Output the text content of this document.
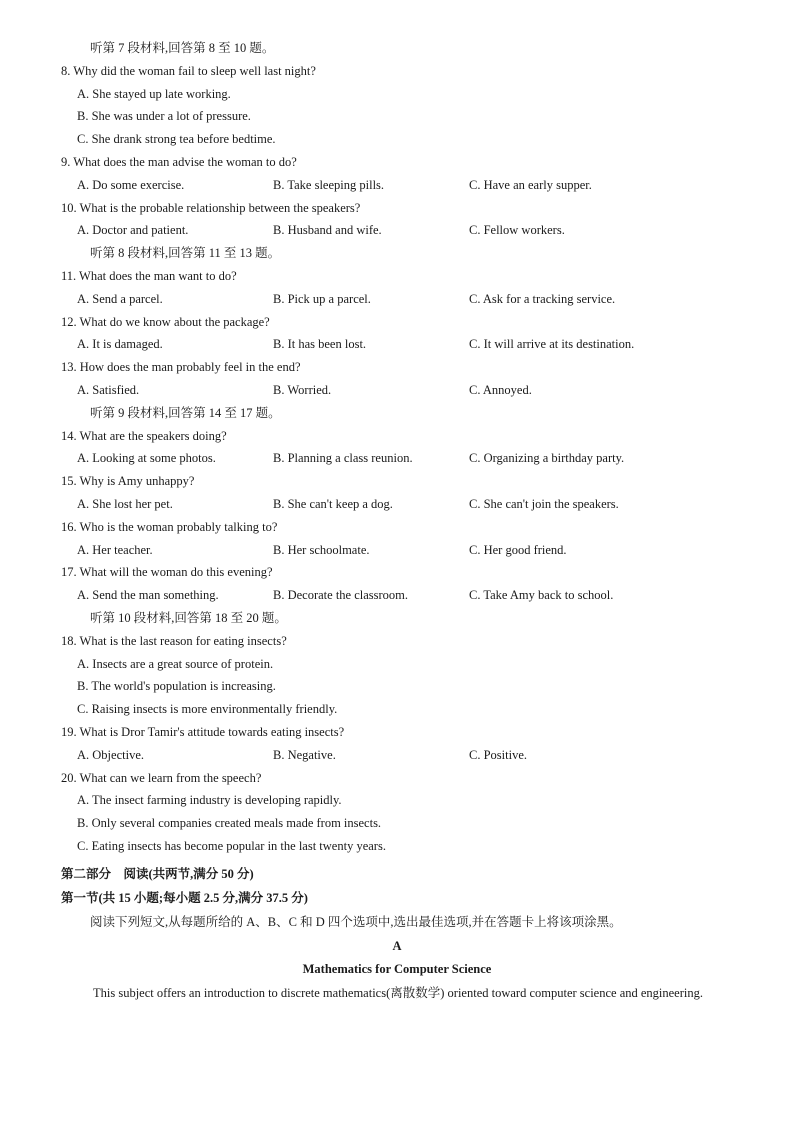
听第 7 段材料,回答第 8 至 10 题。
8. Why did the woman fail to sleep well last night?
A. She stayed up late working.
B. She was under a lot of pressure.
C. She drank strong tea before bedtime.
9. What does the man advise the woman to do?
A. Do some exercise.	B. Take sleeping pills.	C. Have an early supper.
10. What is the probable relationship between the speakers?
A. Doctor and patient.	B. Husband and wife.	C. Fellow workers.
听第 8 段材料,回答第 11 至 13 题。
11. What does the man want to do?
A. Send a parcel.	B. Pick up a parcel.	C. Ask for a tracking service.
12. What do we know about the package?
A. It is damaged.	B. It has been lost.	C. It will arrive at its destination.
13. How does the man probably feel in the end?
A. Satisfied.	B. Worried.	C. Annoyed.
听第 9 段材料,回答第 14 至 17 题。
14. What are the speakers doing?
A. Looking at some photos.	B. Planning a class reunion.	C. Organizing a birthday party.
15. Why is Amy unhappy?
A. She lost her pet.	B. She can't keep a dog.	C. She can't join the speakers.
16. Who is the woman probably talking to?
A. Her teacher.	B. Her schoolmate.	C. Her good friend.
17. What will the woman do this evening?
A. Send the man something.	B. Decorate the classroom.	C. Take Amy back to school.
听第 10 段材料,回答第 18 至 20 题。
18. What is the last reason for eating insects?
A. Insects are a great source of protein.
B. The world's population is increasing.
C. Raising insects is more environmentally friendly.
19. What is Dror Tamir's attitude towards eating insects?
A. Objective.	B. Negative.	C. Positive.
20. What can we learn from the speech?
A. The insect farming industry is developing rapidly.
B. Only several companies created meals made from insects.
C. Eating insects has become popular in the last twenty years.
第二部分　阅读(共两节,满分 50 分)
第一节(共 15 小题;每小题 2.5 分,满分 37.5 分)
阅读下列短文,从每题所给的 A、B、C 和 D 四个选项中,选出最佳选项,并在答题卡上将该项涂黑。
A
Mathematics for Computer Science
This subject offers an introduction to discrete mathematics(离散数学) oriented toward computer science and engineering.
